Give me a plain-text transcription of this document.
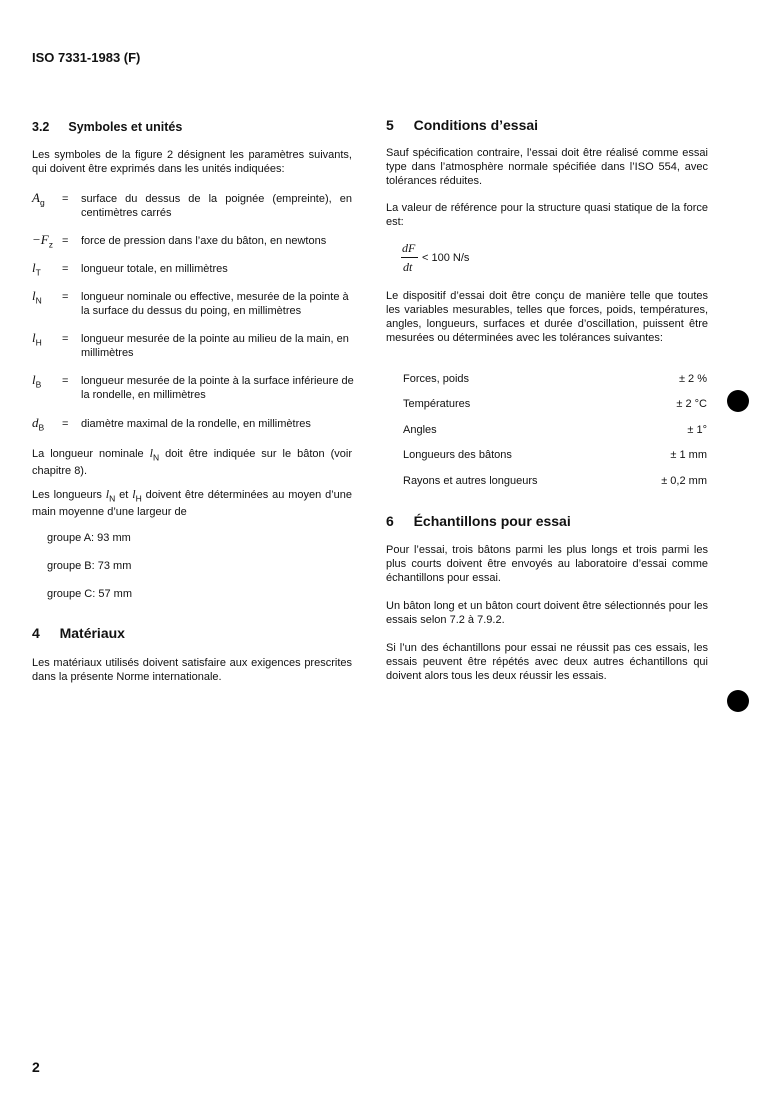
ISO 7331-1983 (F)
3.2 Symboles et unités

Les symboles de la figure 2 désignent les paramètres suivants, qui doivent être exprimés dans les unités indiquées:

$A_g$ = surface du dessus de la poignée (empreinte), en centimètres carrés
$-F_z$ = force de pression dans l’axe du bâton, en newtons
$l_T$ = longueur totale, en millimètres
$l_N$ = longueur nominale ou effective, mesurée de la pointe à la surface du dessus du poing, en millimètres
$l_H$ = longueur mesurée de la pointe au milieu de la main, en millimètres
$l_B$ = longueur mesurée de la pointe à la surface inférieure de la rondelle, en millimètres
$d_B$ = diamètre maximal de la rondelle, en millimètres

La longueur nominale $l_N$ doit être indiquée sur le bâton (voir chapitre 8).

Les longueurs $l_N$ et $l_H$ doivent être déterminées au moyen d’une main moyenne d’une largeur de

groupe A: 93 mm
groupe B: 73 mm
groupe C: 57 mm
4 Matériaux

Les matériaux utilisés doivent satisfaire aux exigences prescrites dans la présente Norme internationale.

5 Conditions d’essai

Sauf spécification contraire, l’essai doit être réalisé comme essai type dans l’atmosphère normale spécifiée dans l’ISO 554, avec tolérances réduites.

La valeur de référence pour la structure quasi statique de la force est:

dF
dt
< 100 N/s

Le dispositif d’essai doit être conçu de manière telle que toutes les variables mesurables, telles que forces, poids, températures, angles, longueurs, surfaces et durée d’oscillation, puissent être mesurées ou déterminées avec les tolérances suivantes:

Forces, poids	± 2 %
Températures	± 2 °C
Angles	± 1°
Longueurs des bâtons	± 1 mm
Rayons et autres longueurs	± 0,2 mm
6 Échantillons pour essai

Pour l’essai, trois bâtons parmi les plus longs et trois parmi les plus courts doivent être envoyés au laboratoire d’essai comme échantillons pour essai.

Un bâton long et un bâton court doivent être sélectionnés pour les essais selon 7.2 à 7.9.2.

Si l’un des échantillons pour essai ne réussit pas ces essais, les essais peuvent être répétés avec deux autres échantillons qui doivent alors tous les deux réussir les essais.

2
